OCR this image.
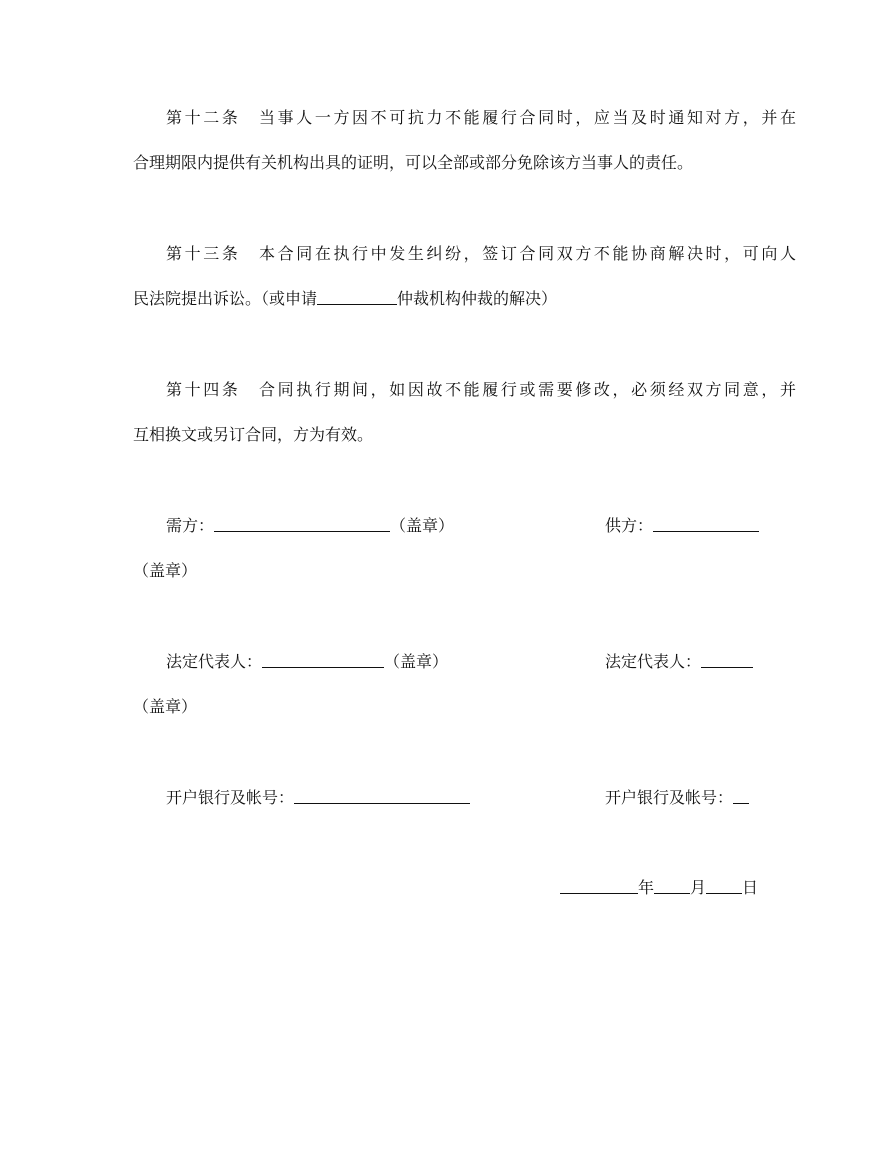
第十二条 当事人一方因不可抗力不能履行合同时，应当及时通知对方，并在
合理期限内提供有关机构出具的证明，可以全部或部分免除该方当事人的责任。
第十三条 本合同在执行中发生纠纷，签订合同双方不能协商解决时，可向人
民法院提出诉讼。（或申请	仲裁机构仲裁的解决）
第十四条 合同执行期间，如因故不能履行或需要修改，必须经双方同意，并
互相换文或另订合同，方为有效。
需方：	（盖章）	供方：
（盖章）
法定代表人：	（盖章）	法定代表人：
（盖章）
开户银行及帐号：	开户银行及帐号：
年 月 日
